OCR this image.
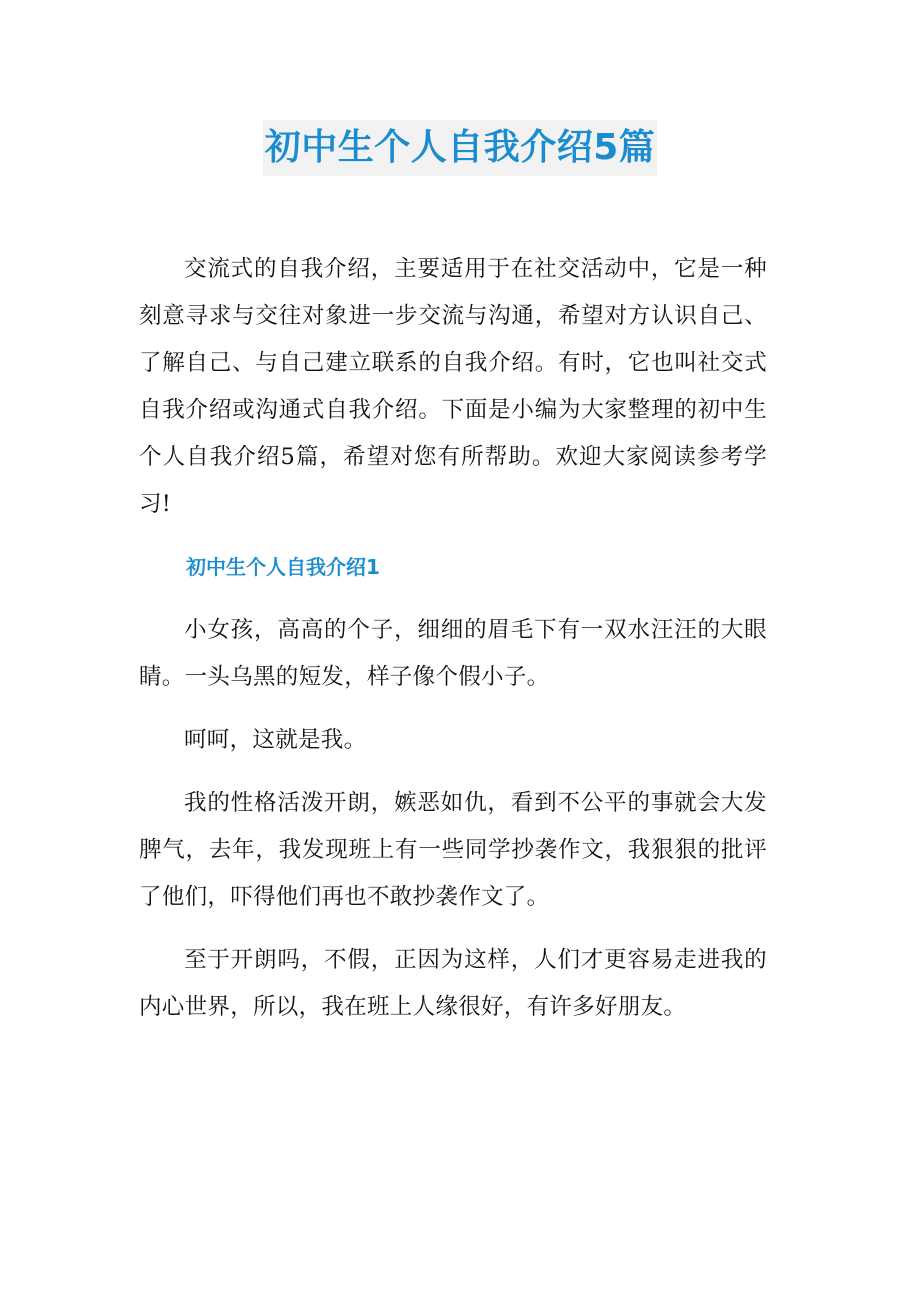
初中生个人自我介绍5篇

交流式的自我介绍，主要适用于在社交活动中，它是一种刻意寻求与交往对象进一步交流与沟通，希望对方认识自己、了解自己、与自己建立联系的自我介绍。有时，它也叫社交式自我介绍或沟通式自我介绍。下面是小编为大家整理的初中生个人自我介绍5篇，希望对您有所帮助。欢迎大家阅读参考学习!

初中生个人自我介绍1

小女孩，高高的个子，细细的眉毛下有一双水汪汪的大眼睛。一头乌黑的短发，样子像个假小子。

呵呵，这就是我。

我的性格活泼开朗，嫉恶如仇，看到不公平的事就会大发脾气，去年，我发现班上有一些同学抄袭作文，我狠狠的批评了他们，吓得他们再也不敢抄袭作文了。

至于开朗吗，不假，正因为这样，人们才更容易走进我的内心世界，所以，我在班上人缘很好，有许多好朋友。
